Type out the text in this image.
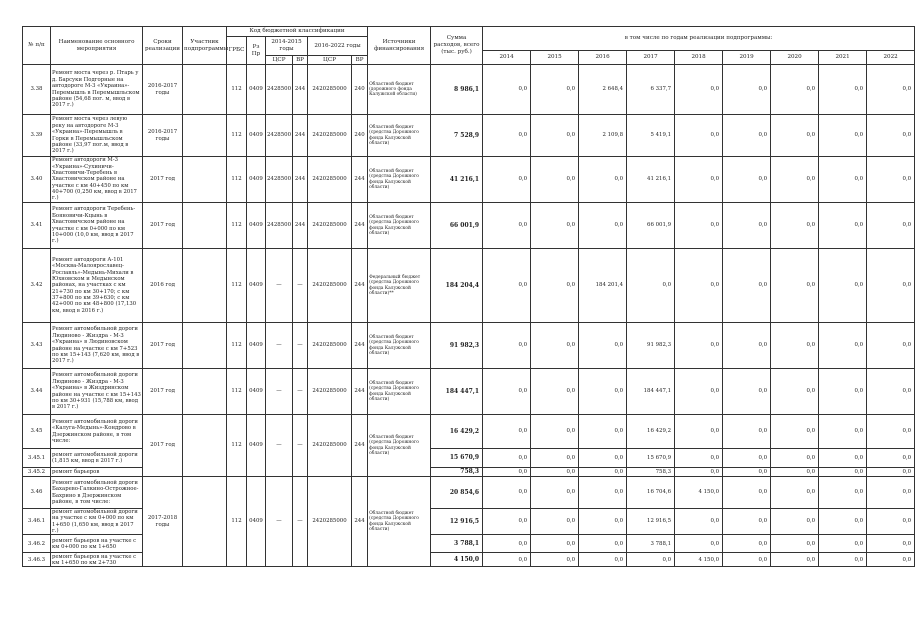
№ п/п	Наименование основного мероприятия	Сроки реализации	Участник подпрограммы	Код бюджетной классификации						Источники финансирования	Сумма расходов, всего (тыс. руб.)	в том числе по годам реализации подпрограммы:								
				ГРБС	Рз Пр	2014-2015 годы		2016-2022 годы												
												2014	2015	2016	2017	2018	2019	2020	2021	2022
						ЦСР	ВР	ЦСР	ВР											
3.38	Ремонт моста через р. Птарь у д. Барсуки Подгорные на автодороге М-3 «Украина»-Перемышль в Перемышльском районе (54,68 пог. м, ввод в 2017 г.)	2016-2017 годы		112	0409	2428500	244	2420285000	240	Областной бюджет (дорожного фонда Калужской области)	8 986,1	0,0	0,0	2 648,4	6 337,7	0,0	0,0	0,0	0,0	0,0
3.39	Ремонт моста через левую реку на автодороге М-3 «Украина»-Перемышль в Горки в Перемышльском районе (33,97 пог.м, ввод в 2017 г.)	2016-2017 годы		112	0409	2428500	244	2420285000	240	Областной бюджет (средства Дорожного фонда Калужской области)	7 528,9	0,0	0,0	2 109,8	5 419,1	0,0	0,0	0,0	0,0	0,0
3.40	Ремонт автодороги М-3 «Украина»-Сухиничи-Хвастовичи-Теребень в Хвастовичском районе на участке с км 40+450 по км 40+700 (0,250 км, ввод в 2017 г.)	2017 год		112	0409	2428500	244	2420285000	244	Областной бюджет (средства Дорожного фонда Калужской области)	41 216,1	0,0	0,0	0,0	41 216,1	0,0	0,0	0,0	0,0	0,0
3.41	Ремонт автодороги Теребень-Бояновичи-Кцынь в Хвастовичском районе на участке с км 0+000 по км 10+000 (10,0 км, ввод в 2017 г.)	2017 год		112	0409	2428500	244	2420285000	244	Областной бюджет (средства Дорожного фонда Калужской области)	66 001,9	0,0	0,0	0,0	66 001,9	0,0	0,0	0,0	0,0	0,0
3.42	Ремонт автодороги А-101 «Москва-Малоярославец-Рославль»-Медынь-Михали в Юхновском и Медынском районах, на участках с км 21+730 по км 30+170; с км 37+800 по км 39+630; с км 42+000 по км 48+800 (17,130 км, ввод в 2016 г.)	2016 год		112	0409	—	—	2420285000	244	Федеральный бюджет (средства Дорожного фонда Калужской области)**	184 204,4	0,0	0,0	184 201,4	0,0	0,0	0,0	0,0	0,0	0,0
3.43	Ремонт автомобильной дороги Людиново - Жиздра - М-3 «Украина» в Людиновском районе на участке с км 7+523 по км 15+143 (7,620 км, ввод в 2017 г.)	2017 год		112	0409	—	—	2420285000	244	Областной бюджет (средства Дорожного фонда Калужской области)	91 982,3	0,0	0,0	0,0	91 982,3	0,0	0,0	0,0	0,0	0,0
3.44	Ремонт автомобильной дороги Людиново - Жиздра - М-3 «Украина» в Жиздринском районе на участке с км 15+143 по км 30+931 (15,788 км, ввод в 2017 г.)	2017 год		112	0409	—	—	2420285000	244	Областной бюджет (средства Дорожного фонда Калужской области)	184 447,1	0,0	0,0	0,0	184 447,1	0,0	0,0	0,0	0,0	0,0
3.45	Ремонт автомобильной дороги «Калуга-Медынь»-Кондрово в Дзержинском районе, в том числе:	2017 год		112	0409	—	—	2420285000	244	Областной бюджет (средства Дорожного фонда Калужской области)	16 429,2	0,0	0,0	0,0	16 429,2	0,0	0,0	0,0	0,0	0,0
3.45.1	ремонт автомобильной дороги (1,815 км, ввод в 2017 г.)										15 670,9	0,0	0,0	0,0	15 670,9	0,0	0,0	0,0	0,0	0,0
3.45.2	ремонт барьеров										758,3	0,0	0,0	0,0	758,3	0,0	0,0	0,0	0,0	0,0
3.46	Ремонт автомобильной дороги Бахарево-Галкино-Острожное-Бахрино в Дзержинском районе, в том числе:	2017-2018 годы		112	0409	—	—	2420285000	244	Областной бюджет (средства Дорожного фонда Калужской области)	20 854,6	0,0	0,0	0,0	16 704,6	4 150,0	0,0	0,0	0,0	0,0
3.46.1	ремонт автомобильной дороги на участке с км 0+000 по км 1+650 (1,650 км, ввод в 2017 г.)										12 916,5	0,0	0,0	0,0	12 916,5	0,0	0,0	0,0	0,0	0,0
3.46.2	ремонт барьеров на участке с км 0+000 по км 1+650										3 788,1	0,0	0,0	0,0	3 788,1	0,0	0,0	0,0	0,0	0,0
3.46.3	ремонт барьеров на участке с км 1+650 по км 2+730										4 150,0	0,0	0,0	0,0	0,0	4 150,0	0,0	0,0	0,0	0,0
